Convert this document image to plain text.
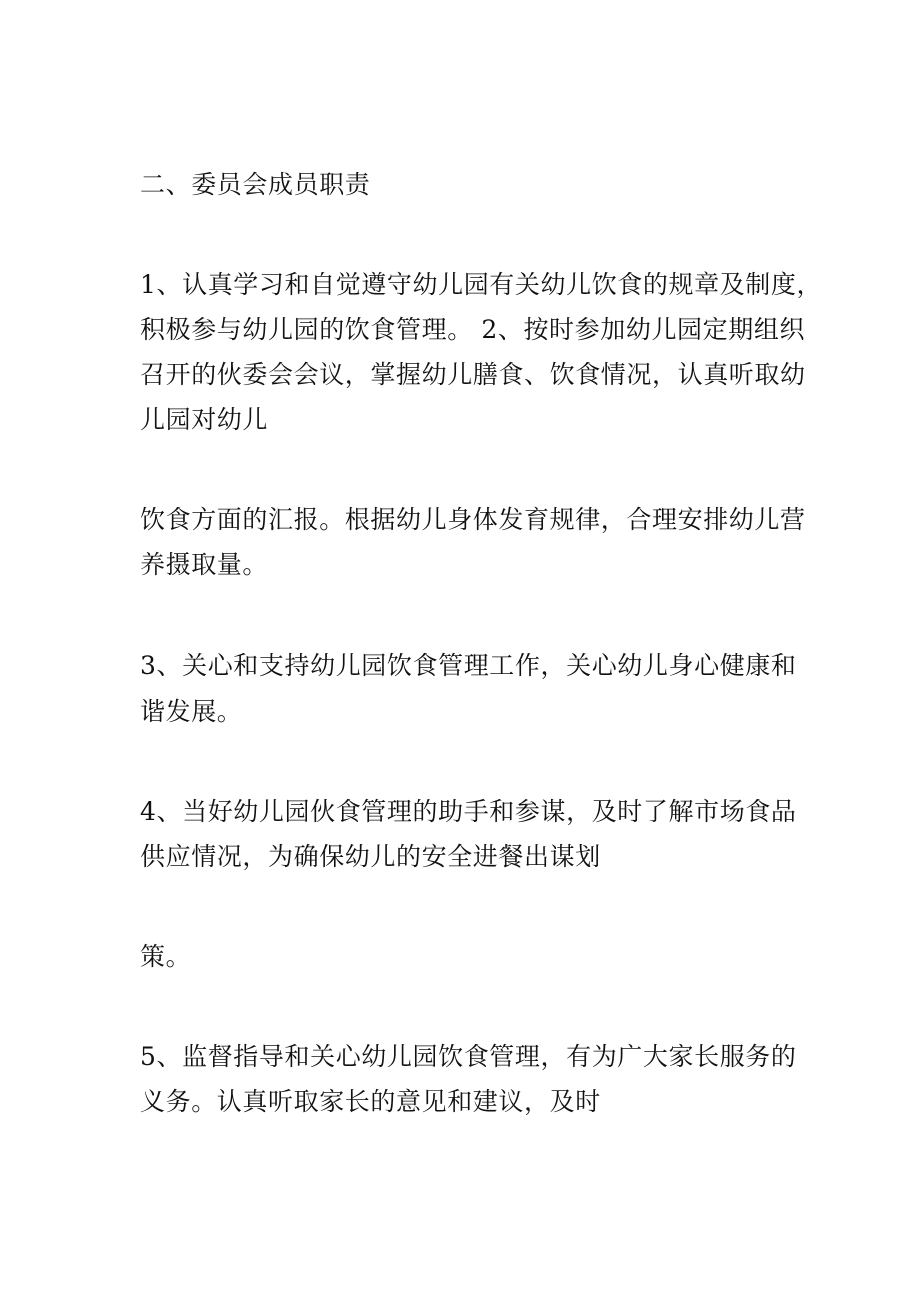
二、委员会成员职责
1、认真学习和自觉遵守幼儿园有关幼儿饮食的规章及制度，
积极参与幼儿园的饮食管理。 2、按时参加幼儿园定期组织
召开的伙委会会议，掌握幼儿膳食、饮食情况，认真听取幼
儿园对幼儿
饮食方面的汇报。根据幼儿身体发育规律，合理安排幼儿营
养摄取量。
3、关心和支持幼儿园饮食管理工作，关心幼儿身心健康和
谐发展。
4、当好幼儿园伙食管理的助手和参谋，及时了解市场食品
供应情况，为确保幼儿的安全进餐出谋划
策。
5、监督指导和关心幼儿园饮食管理，有为广大家长服务的
义务。认真听取家长的意见和建议，及时
